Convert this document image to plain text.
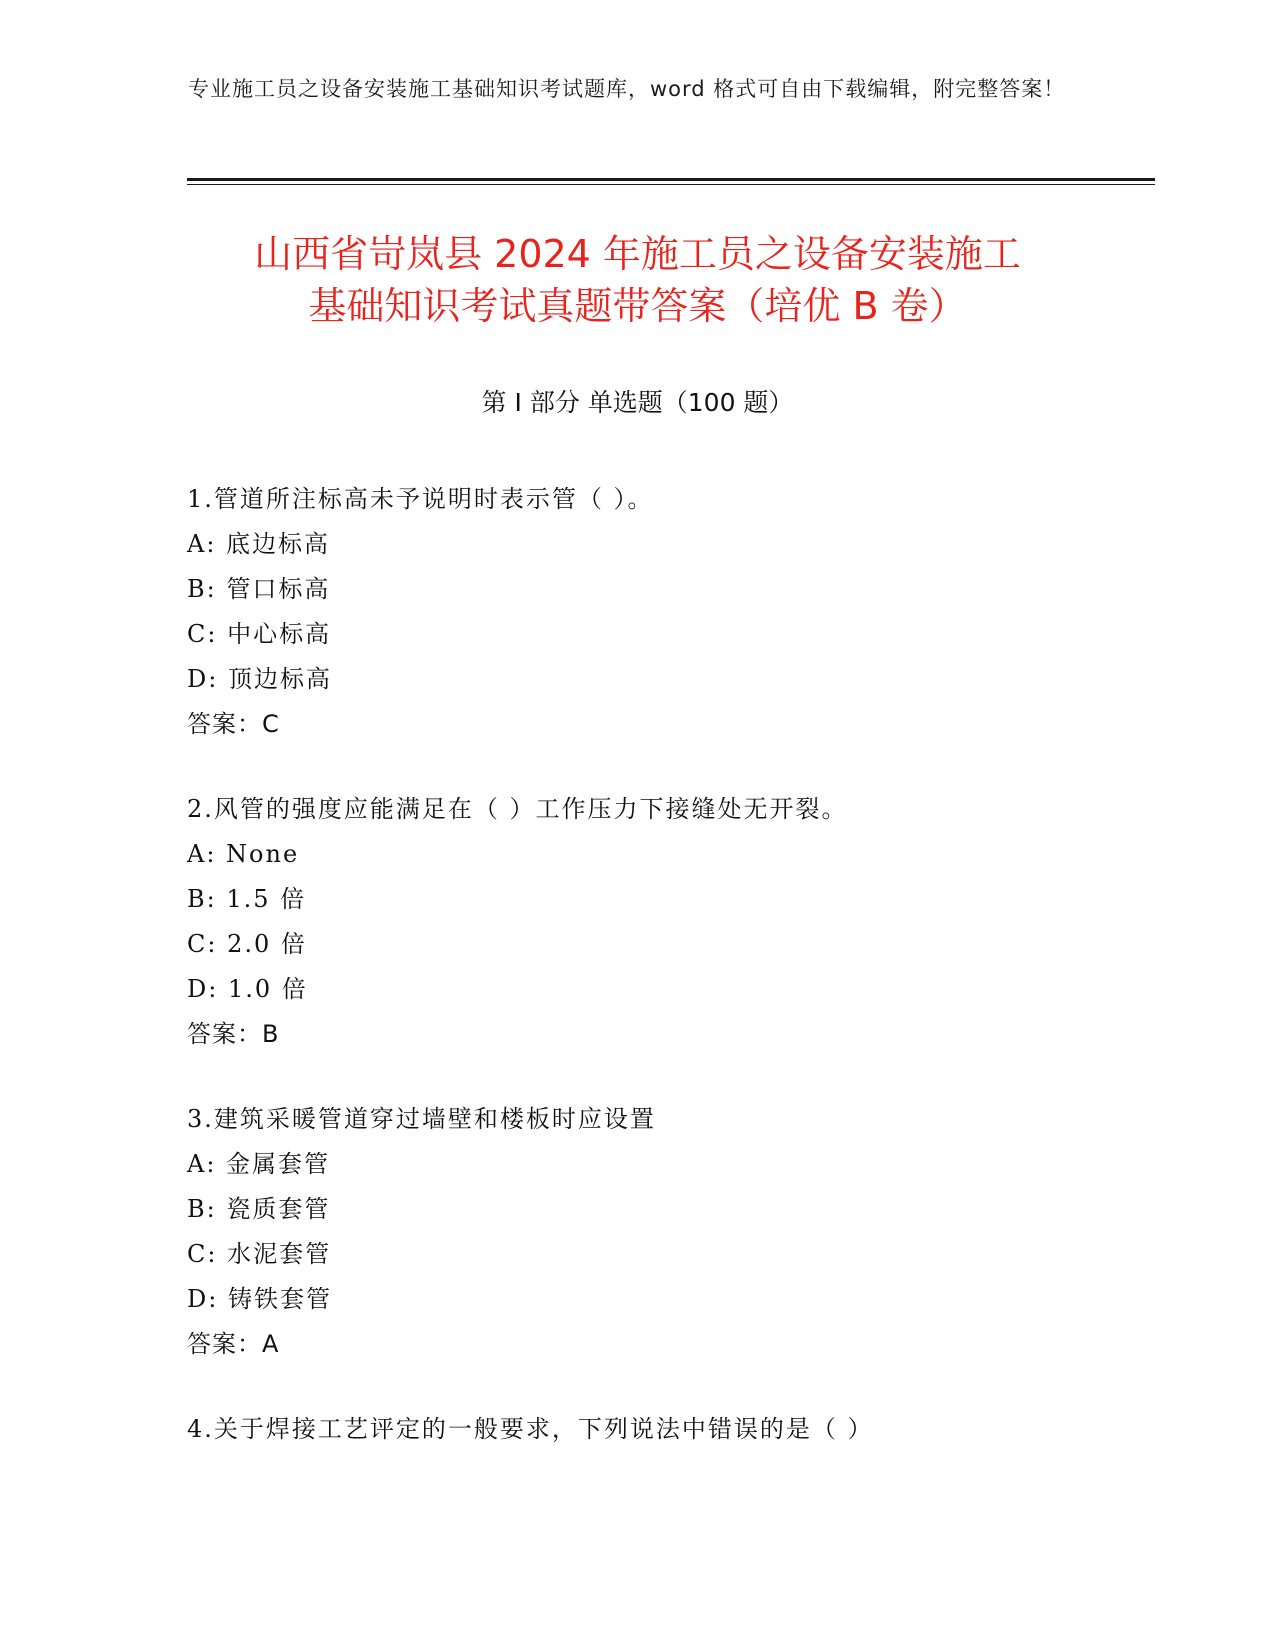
专业施工员之设备安装施工基础知识考试题库，word 格式可自由下载编辑，附完整答案！
山西省岢岚县 2024 年施工员之设备安装施工
基础知识考试真题带答案（培优 B 卷）
第 I 部分 单选题（100 题）
1.管道所注标高未予说明时表示管（ ）。
A: 底边标高
B: 管口标高
C: 中心标高
D: 顶边标高
答案：C
2.风管的强度应能满足在（ ）工作压力下接缝处无开裂。
A: None
B: 1.5 倍
C: 2.0 倍
D: 1.0 倍
答案：B
3.建筑采暖管道穿过墙壁和楼板时应设置
A: 金属套管
B: 瓷质套管
C: 水泥套管
D: 铸铁套管
答案：A
4.关于焊接工艺评定的一般要求，下列说法中错误的是（ ）
